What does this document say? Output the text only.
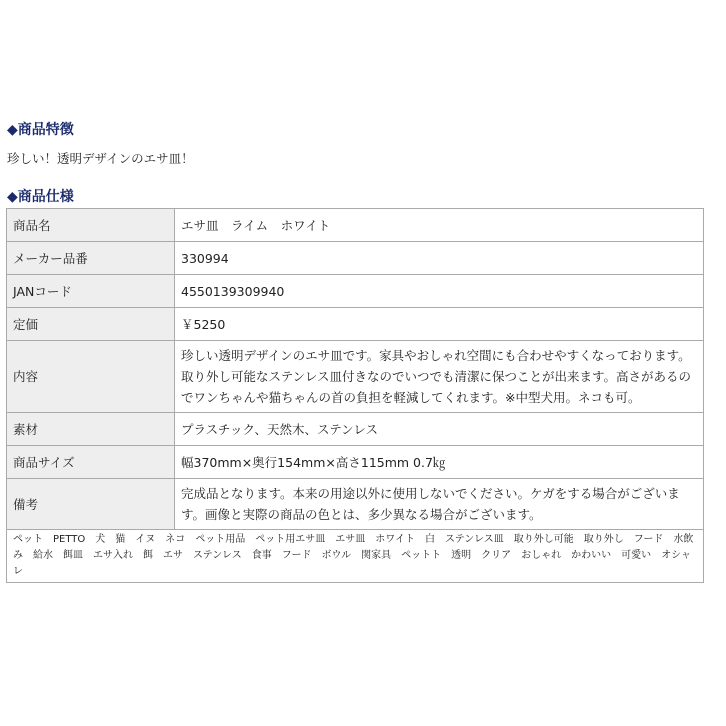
◆商品特徴
珍しい！透明デザインのエサ皿！
◆商品仕様
商品名	エサ皿　ライム　ホワイト
メーカー品番	330994
JANコード	4550139309940
定価	￥5250
内容	珍しい透明デザインのエサ皿です。家具やおしゃれ空間にも合わせやすくなっております。取り外し可能なステンレス皿付きなのでいつでも清潔に保つことが出来ます。高さがあるのでワンちゃんや猫ちゃんの首の負担を軽減してくれます。※中型犬用。ネコも可。
素材	プラスチック、天然木、ステンレス
商品サイズ	幅370mm×奥行154mm×高さ115mm 0.7㎏
備考	完成品となります。本来の用途以外に使用しないでください。ケガをする場合がございます。画像と実際の商品の色とは、多少異なる場合がございます。
ペット　PETTO　犬　猫　イヌ　ネコ　ペット用品　ペット用エサ皿　エサ皿　ホワイト　白　ステンレス皿　取り外し可能　取り外し　フード　水飲み　給水　餌皿　エサ入れ　餌　エサ　ステンレス　食事　フード　ボウル　関家具　ペットト　透明　クリア　おしゃれ　かわいい　可愛い　オシャレ	
